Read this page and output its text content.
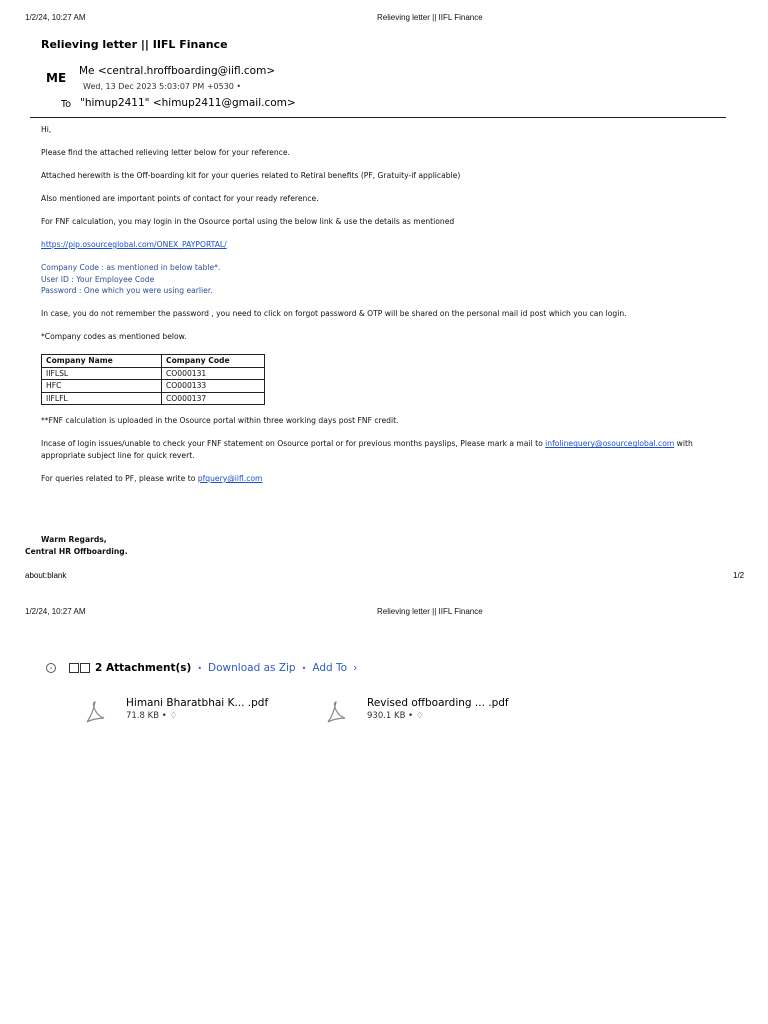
1/2/24, 10:27 AM	Relieving letter || IIFL Finance
Relieving letter || IIFL Finance
ME Me <central.hroffboarding@iifl.com>
Wed, 13 Dec 2023 5:03:07 PM +0530 •
To "himup2411" <himup2411@gmail.com>

Hi,

Please find the attached relieving letter below for your reference.

Attached herewith is the Off-boarding kit for your queries related to Retiral benefits (PF, Gratuity-if applicable)

Also mentioned are important points of contact for your ready reference.

For FNF calculation, you may login in the Osource portal using the below link & use the details as mentioned

https://pip.osourceglobal.com/ONEX_PAYPORTAL/

Company Code : as mentioned in below table*.
User ID : Your Employee Code
Password : One which you were using earlier.

In case, you do not remember the password , you need to click on forgot password & OTP will be shared on the personal mail id post which you can login.

*Company codes as mentioned below.

Company Name	Company Code
IIFLSL	CO000131
HFC	CO000133
IIFLFL	CO000137

**FNF calculation is uploaded in the Osource portal within three working days post FNF credit.

Incase of login issues/unable to check your FNF statement on Osource portal or for previous months payslips, Please mark a mail to infolinequery@osourceglobal.com with appropriate subject line for quick revert.

For queries related to PF, please write to pfquery@iifl.com

Warm Regards,
Central HR Offboarding.
about:blank	1/2
1/2/24, 10:27 AM	Relieving letter || IIFL Finance
⌄	2 Attachment(s) • Download as Zip • Add To ›
Himani Bharatbhai K... .pdf
71.8 KB • ♢
Revised offboarding ... .pdf
930.1 KB • ♢
